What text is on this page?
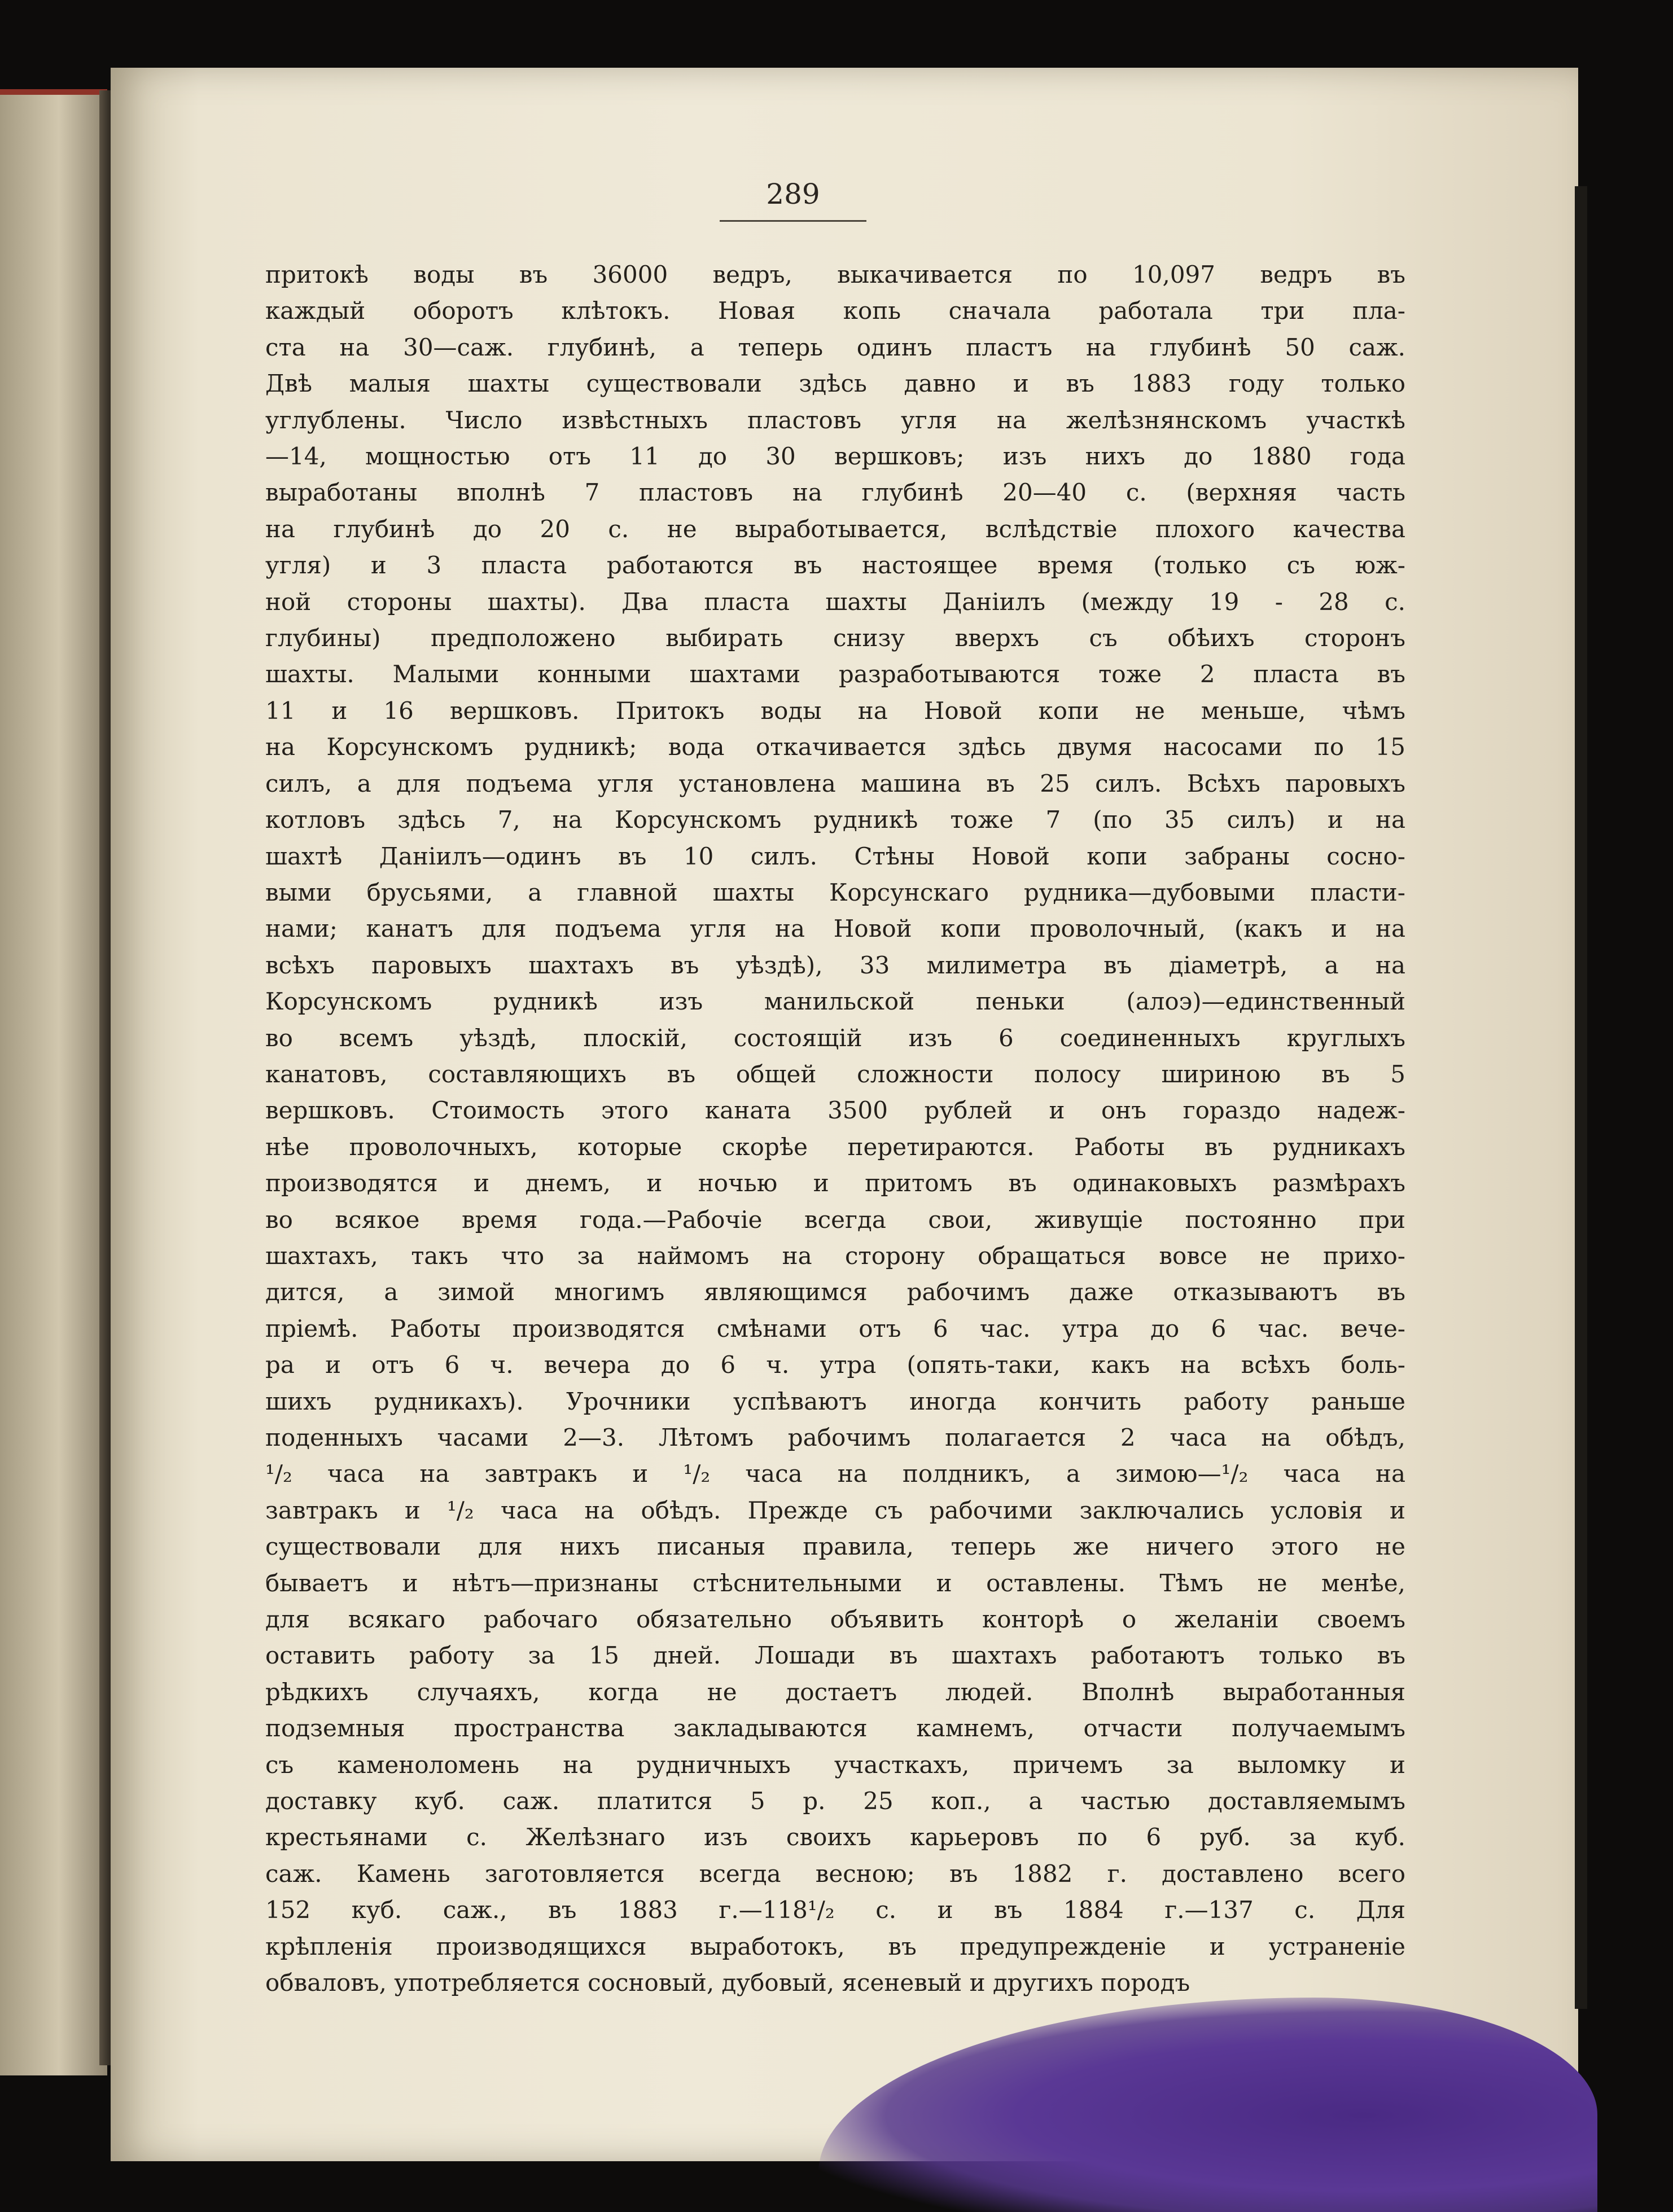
289
притокѣ воды въ 36000 ведръ, выкачивается по 10,097 ведръ въ
каждый оборотъ клѣтокъ. Новая копь сначала работала три пла-
ста на 30—саж. глубинѣ, а теперь одинъ пластъ на глубинѣ 50 саж.
Двѣ малыя шахты существовали здѣсь давно и въ 1883 году только
углублены. Число извѣстныхъ пластовъ угля на желѣзнянскомъ участкѣ
—14, мощностью отъ 11 до 30 вершковъ; изъ нихъ до 1880 года
выработаны вполнѣ 7 пластовъ на глубинѣ 20—40 с. (верхняя часть
на глубинѣ до 20 с. не выработывается, вслѣдствіе плохого качества
угля) и 3 пласта работаются въ настоящее время (только съ юж-
ной стороны шахты). Два пласта шахты Даніилъ (между 19 - 28 с.
глубины) предположено выбирать снизу вверхъ съ обѣихъ сторонъ
шахты. Малыми конными шахтами разработываются тоже 2 пласта въ
11 и 16 вершковъ. Притокъ воды на Новой копи не меньше, чѣмъ
на Корсунскомъ рудникѣ; вода откачивается здѣсь двумя насосами по 15
силъ, а для подъема угля установлена машина въ 25 силъ. Всѣхъ паровыхъ
котловъ здѣсь 7, на Корсунскомъ рудникѣ тоже 7 (по 35 силъ) и на
шахтѣ Даніилъ—одинъ въ 10 силъ. Стѣны Новой копи забраны сосно-
выми брусьями, а главной шахты Корсунскаго рудника—дубовыми пласти-
нами; канатъ для подъема угля на Новой копи проволочный, (какъ и на
всѣхъ паровыхъ шахтахъ въ уѣздѣ), 33 милиметра въ діаметрѣ, а на
Корсунскомъ рудникѣ изъ манильской пеньки (алоэ)—единственный
во всемъ уѣздѣ, плоскій, состоящій изъ 6 соединенныхъ круглыхъ
канатовъ, составляющихъ въ общей сложности полосу шириною въ 5
вершковъ. Стоимость этого каната 3500 рублей и онъ гораздо надеж-
нѣе проволочныхъ, которые скорѣе перетираются. Работы въ рудникахъ
производятся и днемъ, и ночью и притомъ въ одинаковыхъ размѣрахъ
во всякое время года.—Рабочіе всегда свои, живущіе постоянно при
шахтахъ, такъ что за наймомъ на сторону обращаться вовсе не прихо-
дится, а зимой многимъ являющимся рабочимъ даже отказываютъ въ
пріемѣ. Работы производятся смѣнами отъ 6 час. утра до 6 час. вече-
ра и отъ 6 ч. вечера до 6 ч. утра (опять-таки, какъ на всѣхъ боль-
шихъ рудникахъ). Урочники успѣваютъ иногда кончить работу раньше
поденныхъ часами 2—3. Лѣтомъ рабочимъ полагается 2 часа на обѣдъ,
¹/₂ часа на завтракъ и ¹/₂ часа на полдникъ, а зимою—¹/₂ часа на
завтракъ и ¹/₂ часа на обѣдъ. Прежде съ рабочими заключались условія и
существовали для нихъ писаныя правила, теперь же ничего этого не
бываетъ и нѣтъ—признаны стѣснительными и оставлены. Тѣмъ не менѣе,
для всякаго рабочаго обязательно объявить конторѣ о желаніи своемъ
оставить работу за 15 дней. Лошади въ шахтахъ работаютъ только въ
рѣдкихъ случаяхъ, когда не достаетъ людей. Вполнѣ выработанныя
подземныя пространства закладываются камнемъ, отчасти получаемымъ
съ каменоломень на рудничныхъ участкахъ, причемъ за выломку и
доставку куб. саж. платится 5 р. 25 коп., а частью доставляемымъ
крестьянами с. Желѣзнаго изъ своихъ карьеровъ по 6 руб. за куб.
саж. Камень заготовляется всегда весною; въ 1882 г. доставлено всего
152 куб. саж., въ 1883 г.—118¹/₂ с. и въ 1884 г.—137 с. Для
крѣпленія производящихся выработокъ, въ предупрежденіе и устраненіе
обваловъ, употребляется сосновый, дубовый, ясеневый и другихъ породъ
